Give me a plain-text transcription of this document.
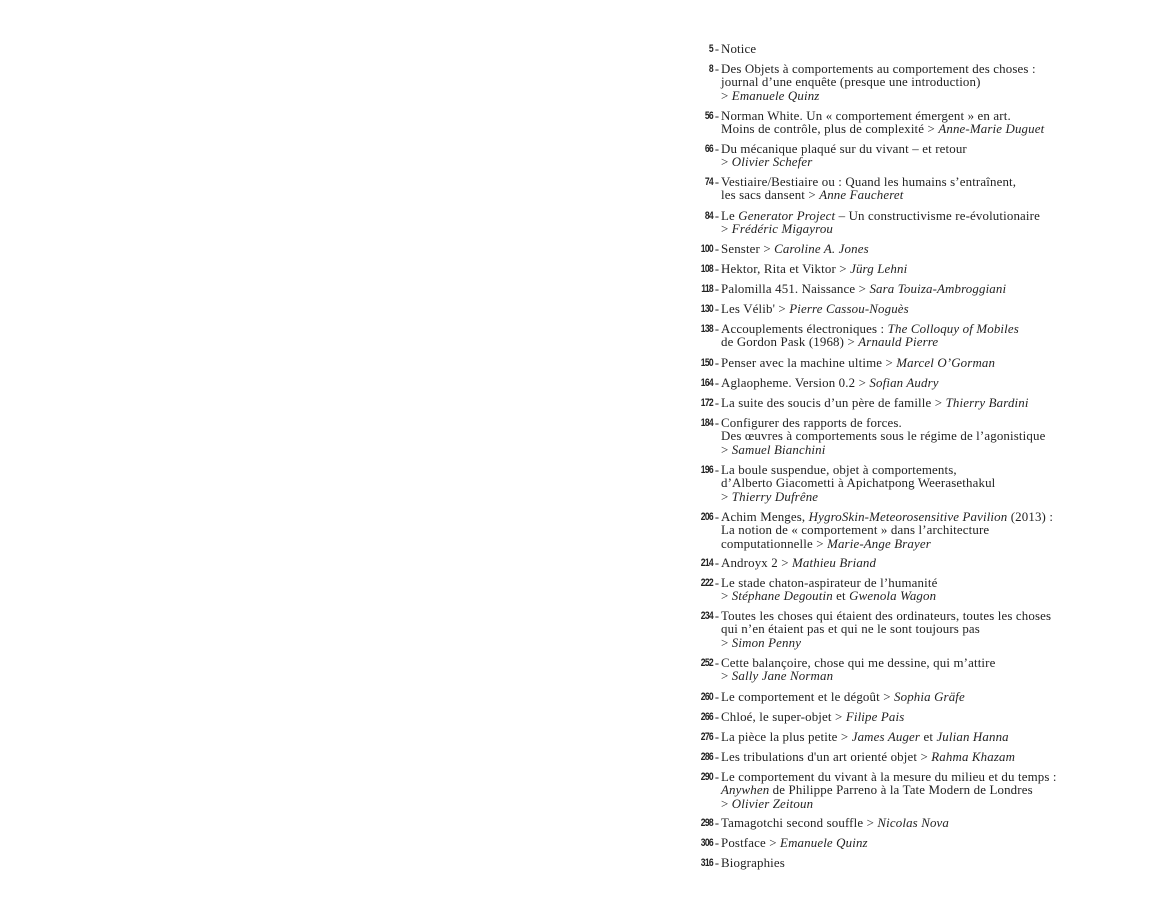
5 - Notice
8 - Des Objets à comportements au comportement des choses :
journal d’une enquête (presque une introduction)
> Emanuele Quinz
56 - Norman White. Un « comportement émergent » en art.
Moins de contrôle, plus de complexité > Anne-Marie Duguet
66 - Du mécanique plaqué sur du vivant – et retour
> Olivier Schefer
74 - Vestiaire/Bestiaire ou : Quand les humains s’entraînent,
les sacs dansent > Anne Faucheret
84 - Le Generator Project – Un constructivisme re-évolutionaire
> Frédéric Migayrou
100 - Senster > Caroline A. Jones
108 - Hektor, Rita et Viktor > Jürg Lehni
118 - Palomilla 451. Naissance > Sara Touiza-Ambroggiani
130 - Les Vélib' > Pierre Cassou-Noguès
138 - Accouplements électroniques : The Colloquy of Mobiles
de Gordon Pask (1968) > Arnauld Pierre
150 - Penser avec la machine ultime > Marcel O’Gorman
164 - Aglaopheme. Version 0.2 > Sofian Audry
172 - La suite des soucis d’un père de famille > Thierry Bardini
184 - Configurer des rapports de forces.
Des œuvres à comportements sous le régime de l’agonistique
> Samuel Bianchini
196 - La boule suspendue, objet à comportements,
d’Alberto Giacometti à Apichatpong Weerasethakul
> Thierry Dufrêne
206 - Achim Menges, HygroSkin-Meteorosensitive Pavilion (2013) :
La notion de « comportement » dans l’architecture
computationnelle > Marie-Ange Brayer
214 - Androyx 2 > Mathieu Briand
222 - Le stade chaton-aspirateur de l’humanité
> Stéphane Degoutin et Gwenola Wagon
234 - Toutes les choses qui étaient des ordinateurs, toutes les choses
qui n’en étaient pas et qui ne le sont toujours pas
> Simon Penny
252 - Cette balançoire, chose qui me dessine, qui m’attire
> Sally Jane Norman
260 - Le comportement et le dégoût > Sophia Gräfe
266 - Chloé, le super-objet > Filipe Pais
276 - La pièce la plus petite > James Auger et Julian Hanna
286 - Les tribulations d'un art orienté objet > Rahma Khazam
290 - Le comportement du vivant à la mesure du milieu et du temps :
Anywhen de Philippe Parreno à la Tate Modern de Londres
> Olivier Zeitoun
298 - Tamagotchi second souffle > Nicolas Nova
306 - Postface > Emanuele Quinz
316 - Biographies
